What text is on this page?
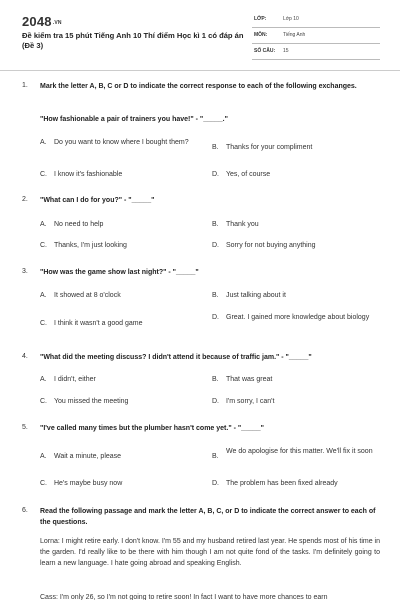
2048.VN
Đề kiểm tra 15 phút Tiếng Anh 10 Thí điểm Học kì 1 có đáp án (Đề 3)
LỚP:	Lớp 10
MÔN:	Tiếng Anh
SỐ CÂU: 15
1. Mark the letter A, B, C or D to indicate the correct response to each of the following exchanges.
"How fashionable a pair of trainers you have!" - "_____."
A. Do you want to know where I bought them?
B. Thanks for your compliment
C. I know it's fashionable	D. Yes, of course
2. "What can I do for you?" - "_____"
A. No need to help	B. Thank you
C. Thanks, I'm just looking	D. Sorry for not buying anything
3. "How was the game show last night?" - "_____"
A. It showed at 8 o'clock	B. Just talking about it
C. I think it wasn't a good game
D. Great. I gained more knowledge about biology
4. "What did the meeting discuss? I didn't attend it because of traffic jam." - "_____"
A. I didn't, either	B. That was great
C. You missed the meeting	D. I'm sorry, I can't
5. "I've called many times but the plumber hasn't come yet." - "_____"
A. Wait a minute, please	B.
We do apologise for this matter. We'll fix it soon
C. He's maybe busy now	D. The problem has been fixed already
6. Read the following passage and mark the letter A, B, C, or D to indicate the correct answer to each of the questions.
Lorna: I might retire early. I don't know. I'm 55 and my husband retired last year. He spends most of his time in the garden. I'd really like to be there with him though I am not quite fond of the tasks. I'm definitely going to learn a new language. I hate going abroad and speaking English.
Cass: I'm only 26, so I'm not going to retire soon! In fact I want to have more chances to earn
